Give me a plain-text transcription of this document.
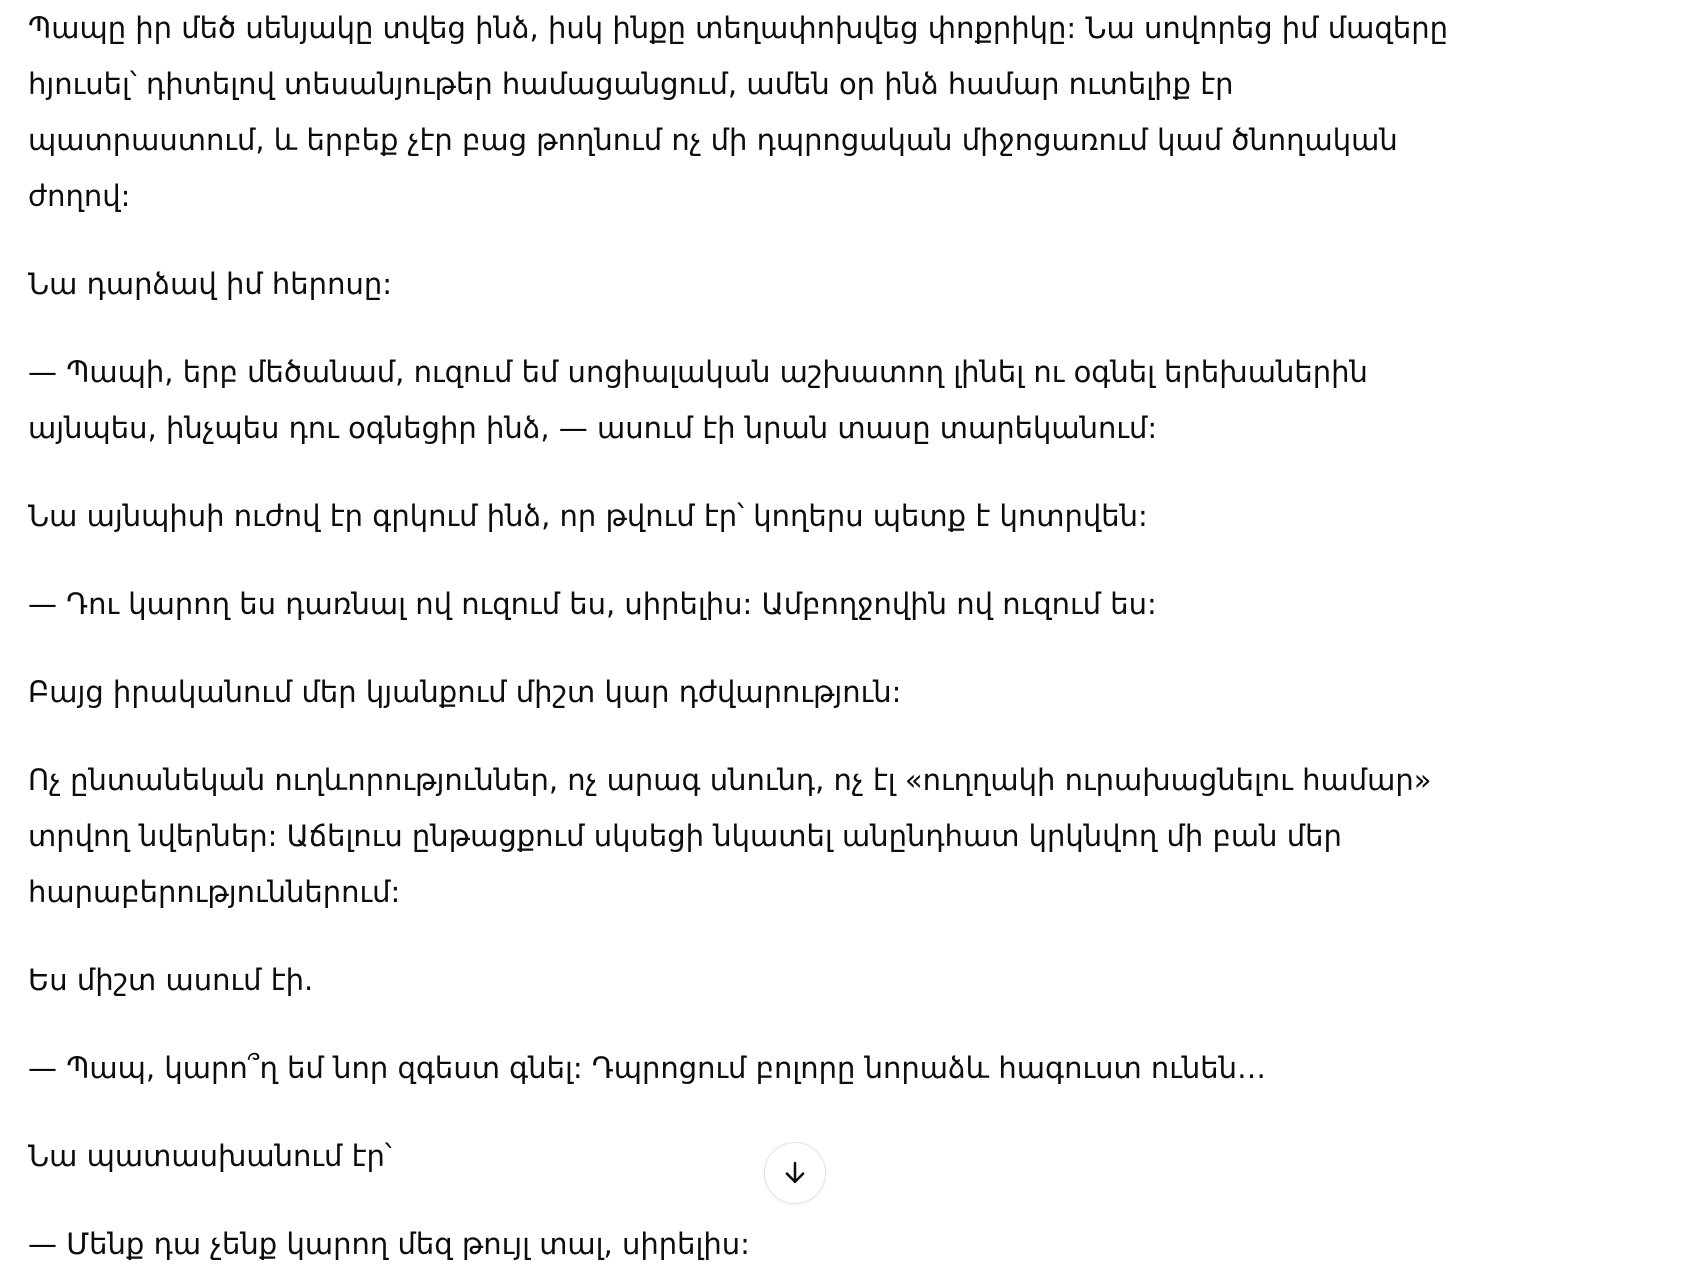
Պապը իր մեծ սենյակը տվեց ինձ, իսկ ինքը տեղափոխվեց փոքրիկը: Նա սովորեց իմ մազերը հյուսել՝ դիտելով տեսանյութեր համացանցում, ամեն օր ինձ համար ուտելիք էր պատրաստում, և երբեք չէր բաց թողնում ոչ մի դպրոցական միջոցառում կամ ծնողական ժողով:

Նա դարձավ իմ հերոսը:

— Պապի, երբ մեծանամ, ուզում եմ սոցիալական աշխատող լինել ու օգնել երեխաներին այնպես, ինչպես դու օգնեցիր ինձ, — ասում էի նրան տասը տարեկանում:

Նա այնպիսի ուժով էր գրկում ինձ, որ թվում էր՝ կողերս պետք է կոտրվեն:

— Դու կարող ես դառնալ ով ուզում ես, սիրելիս: Ամբողջովին ով ուզում ես:

Բայց իրականում մեր կյանքում միշտ կար դժվարություն:

Ոչ ընտանեկան ուղևորություններ, ոչ արագ սնունդ, ոչ էլ «ուղղակի ուրախացնելու համար» տրվող նվերներ: Աճելուս ընթացքում սկսեցի նկատել անընդհատ կրկնվող մի բան մեր հարաբերություններում:

Ես միշտ ասում էի.

— Պապ, կարո՞ղ եմ նոր զգեստ գնել: Դպրոցում բոլորը նորաձև հագուստ ունեն…

Նա պատասխանում էր՝

— Մենք դա չենք կարող մեզ թույլ տալ, սիրելիս:
